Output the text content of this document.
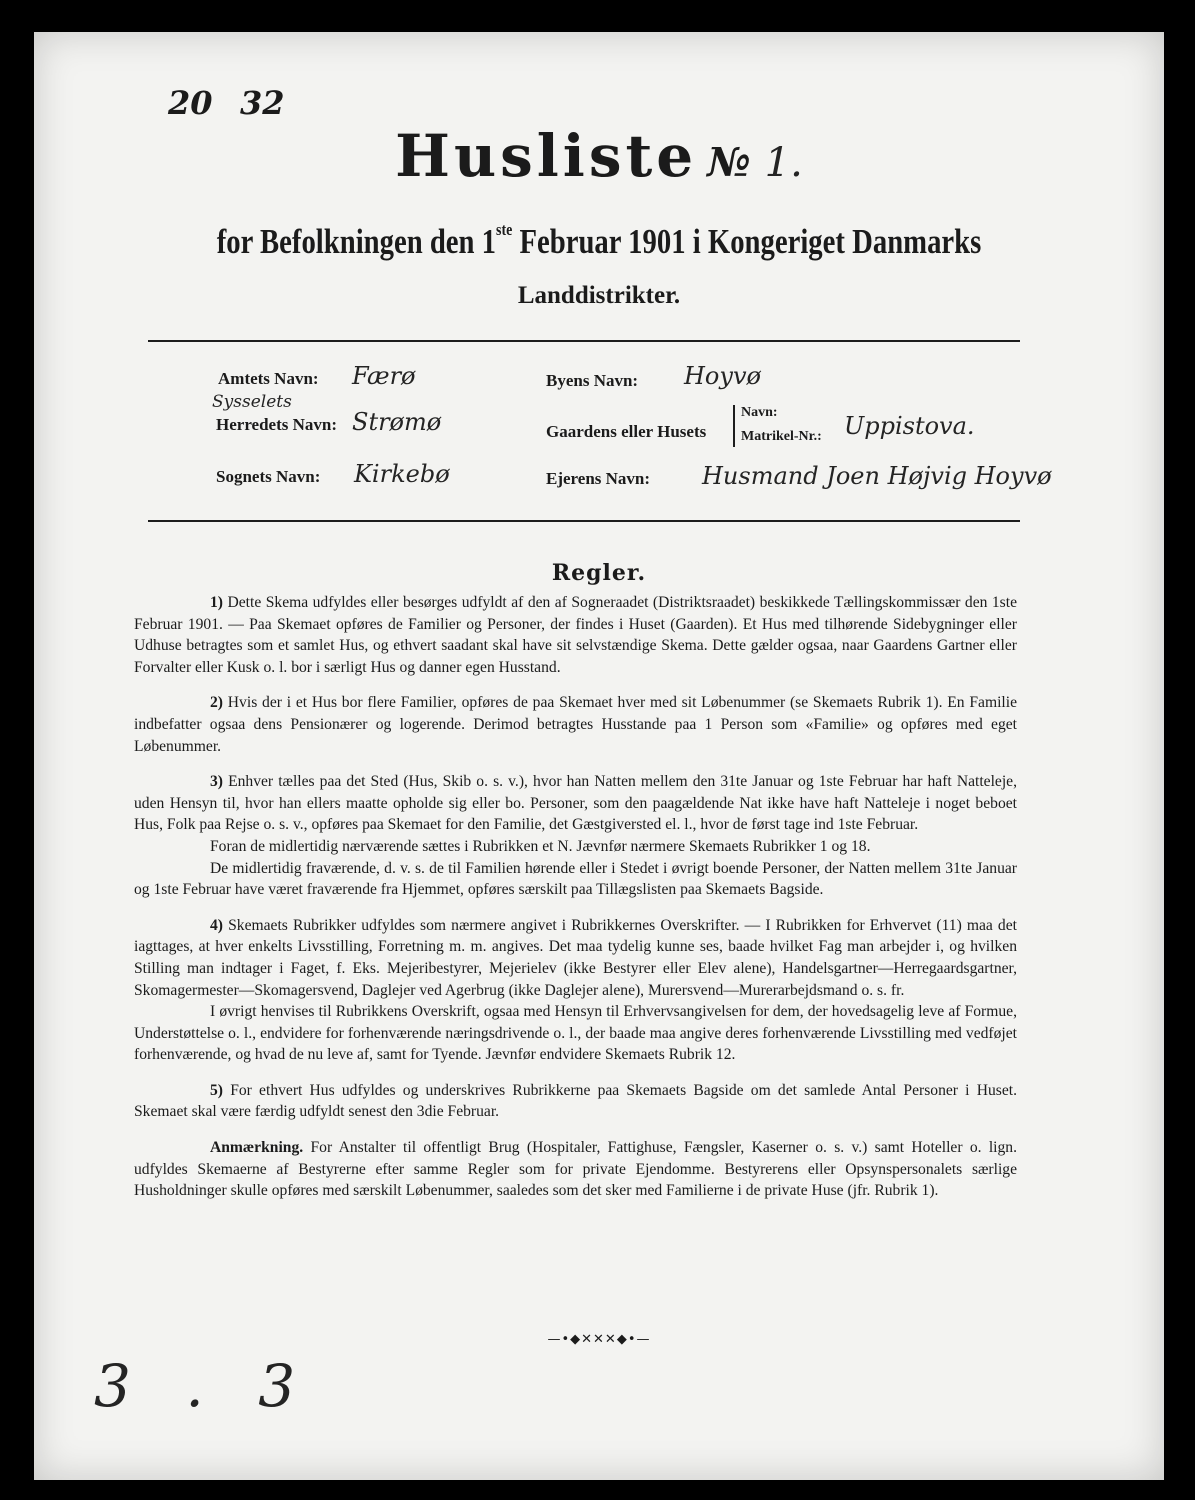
20 32
Husliste № 1.
for Befolkningen den 1ste Februar 1901 i Kongeriget Danmarks
Landdistrikter.
Amtets Navn: Færø
Sysselets
Herredets Navn: Strømø
Sognets Navn: Kirkebø
Byens Navn: Hoyvø
Gaardens eller Husets
Navn:
Matrikel-Nr.: Uppistova.
Ejerens Navn: Husmand Joen Højvig Hoyvø
Regler.

1) Dette Skema udfyldes eller besørges udfyldt af den af Sogneraadet (Distriktsraadet) beskikkede Tællingskommissær den 1ste Februar 1901. — Paa Skemaet opføres de Familier og Personer, der findes i Huset (Gaarden). Et Hus med tilhørende Sidebygninger eller Udhuse betragtes som et samlet Hus, og ethvert saadant skal have sit selvstændige Skema. Dette gælder ogsaa, naar Gaardens Gartner eller Forvalter eller Kusk o. l. bor i særligt Hus og danner egen Husstand.

2) Hvis der i et Hus bor flere Familier, opføres de paa Skemaet hver med sit Løbenummer (se Skemaets Rubrik 1). En Familie indbefatter ogsaa dens Pensionærer og logerende. Derimod betragtes Husstande paa 1 Person som «Familie» og opføres med eget Løbenummer.

3) Enhver tælles paa det Sted (Hus, Skib o. s. v.), hvor han Natten mellem den 31te Januar og 1ste Februar har haft Natteleje, uden Hensyn til, hvor han ellers maatte opholde sig eller bo. Personer, som den paagældende Nat ikke have haft Natteleje i noget beboet Hus, Folk paa Rejse o. s. v., opføres paa Skemaet for den Familie, det Gæstgiversted el. l., hvor de først tage ind 1ste Februar.

Foran de midlertidig nærværende sættes i Rubrikken et N. Jævnfør nærmere Skemaets Rubrikker 1 og 18.

De midlertidig fraværende, d. v. s. de til Familien hørende eller i Stedet i øvrigt boende Personer, der Natten mellem 31te Januar og 1ste Februar have været fraværende fra Hjemmet, opføres særskilt paa Tillægslisten paa Skemaets Bagside.

4) Skemaets Rubrikker udfyldes som nærmere angivet i Rubrikkernes Overskrifter. — I Rubrikken for Erhvervet (11) maa det iagttages, at hver enkelts Livsstilling, Forretning m. m. angives. Det maa tydelig kunne ses, baade hvilket Fag man arbejder i, og hvilken Stilling man indtager i Faget, f. Eks. Mejeribestyrer, Mejerielev (ikke Bestyrer eller Elev alene), Handelsgartner—Herregaardsgartner, Skomagermester—Skomagersvend, Daglejer ved Agerbrug (ikke Daglejer alene), Murersvend—Murerarbejdsmand o. s. fr.

I øvrigt henvises til Rubrikkens Overskrift, ogsaa med Hensyn til Erhvervsangivelsen for dem, der hovedsagelig leve af Formue, Understøttelse o. l., endvidere for forhenværende næringsdrivende o. l., der baade maa angive deres forhenværende Livsstilling med vedføjet forhenværende, og hvad de nu leve af, samt for Tyende. Jævnfør endvidere Skemaets Rubrik 12.

5) For ethvert Hus udfyldes og underskrives Rubrikkerne paa Skemaets Bagside om det samlede Antal Personer i Huset. Skemaet skal være færdig udfyldt senest den 3die Februar.

Anmærkning. For Anstalter til offentligt Brug (Hospitaler, Fattighuse, Fængsler, Kaserner o. s. v.) samt Hoteller o. lign. udfyldes Skemaerne af Bestyrerne efter samme Regler som for private Ejendomme. Bestyrerens eller Opsynspersonalets særlige Husholdninger skulle opføres med særskilt Løbenummer, saaledes som det sker med Familierne i de private Huse (jfr. Rubrik 1).

—•◆✕✕✕◆•—
3 . 3
